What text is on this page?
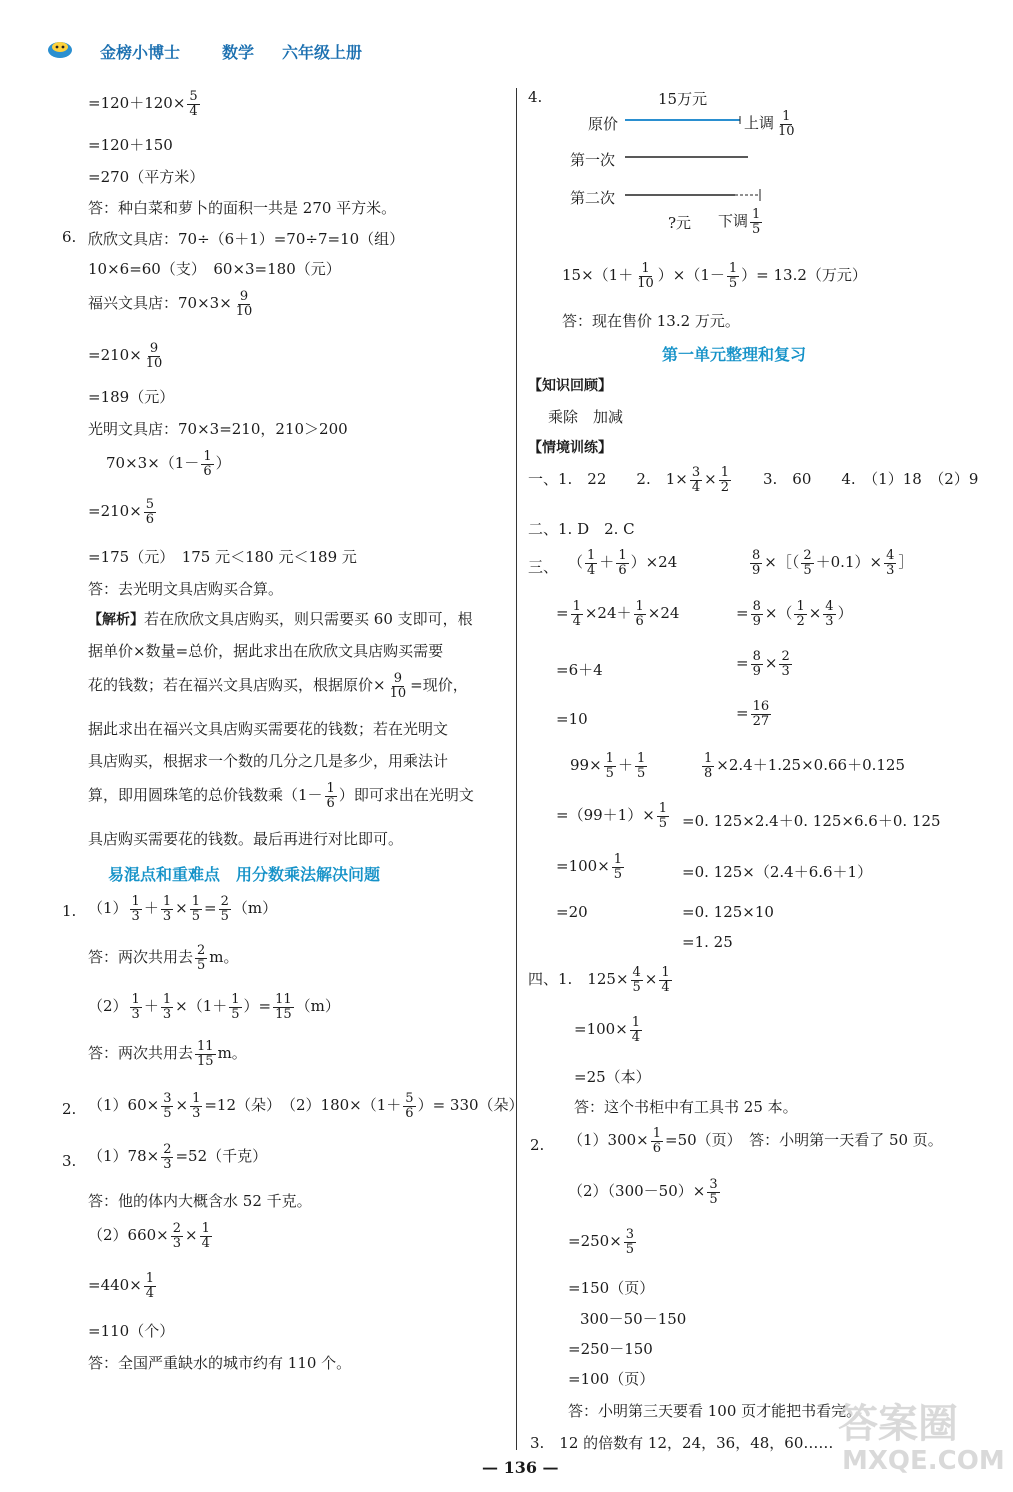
金榜小博士	数学 六年级上册
$=120+120\times \frac{5}{4}$
=120＋150
=270（平方米）
答：种白菜和萝卜的面积一共是 270 平方米。
6. 欣欣文具店：70÷（6＋1）=70÷7=10（组）
10×6=60（支）　60×3=180（元）
福兴文具店：$70\times 3\times \frac{9}{10}$
$=210\times \frac{9}{10}$
=189（元）
光明文具店：70×3=210，210＞200
$70\times 3\times(1- \frac{1}{6}$ ）
$=210\times \frac{5}{6}$
=175（元）　175 元＜180 元＜189 元
答：去光明文具店购买合算。
【解析】若在欣欣文具店购买，则只需要买 60 支即可，根
据单价×数量=总价，据此求出在欣欣文具店购买需要
花的钱数；若在福兴文具店购买，根据原价× $\frac{9}{10}$ =现价，
据此求出在福兴文具店购买需要花的钱数；若在光明文
具店购买，根据求一个数的几分之几是多少，用乘法计
算，即用圆珠笔的总价钱数乘（$1- \frac{1}{6}$ ）即可求出在光明文
具店购买需要花的钱数。最后再进行对比即可。
易混点和重难点　用分数乘法解决问题
1. $(1) \frac{1}{3} + \frac{1}{3} \times \frac{1}{5} = \frac{2}{5} (m)$
答：两次共用去 $\frac{2}{5}$ m。
$(2) \frac{1}{3} + \frac{1}{3} \times(1+ \frac{1}{5}$ ）= $\frac{11}{15} (m)$
答：两次共用去 $\frac{11}{15}$ m。
2. $(1)60\times \frac{3}{5} \times \frac{1}{3} =12$（朵）　$(2)180\times(1+ \frac{5}{6}$ ）= 330（朵）
3. $(1)78\times \frac{2}{3} =52$（千克）
答：他的体内大概含水 52 千克。
$(2)660\times \frac{2}{3} \times \frac{1}{4}$
$=440\times \frac{1}{4}$
=110（个）
答：全国严重缺水的城市约有 110 个。
4.	15万元
原价	上调 $\frac{1}{10}$
第一次
第二次
?元 下调 $\frac{1}{5}$
$15\times(1+ \frac{1}{10} )\times(1- \frac{1}{5}$ ）= 13.2（万元）
答：现在售价 13.2 万元。
第一单元整理和复习
【知识回顾】
乘除　加减
【情境训练】
一、1.　22　　2.　$1\times \frac{3}{4} \times \frac{1}{2}$ 　　3.　60　　4.　（1）18　（2）9
二、1. D　2. C
三、 （ $\frac{1}{4} + \frac{1}{6} )\times 24$
= $\frac{1}{4} \times 24+ \frac{1}{6} \times 24$
=6＋4
=10
$\frac{8}{9}$ ×［（ $\frac{2}{5} +0.1)\times \frac{4}{3}$ ］
= $\frac{8}{9}$ ×（ $\frac{1}{2} \times \frac{4}{3}$ ）
= $\frac{8}{9} \times \frac{2}{3}$
= $\frac{16}{27}$
$99\times \frac{1}{5} + \frac{1}{5}$
$=(99+1)\times \frac{1}{5}$
$=100\times \frac{1}{5}$
=20
$\frac{1}{8} \times 2.4+1.25\times 0.66+0.125$
=0. 125×2.4＋0. 125×6.6＋0. 125
=0. 125×（2.4＋6.6＋1）
=0. 125×10
=1. 25
四、1.　$125\times \frac{4}{5} \times \frac{1}{4}$
$=100\times \frac{1}{4}$
=25（本）
答：这个书柜中有工具书 25 本。
2. $(1)300\times \frac{1}{6} =50$（页）　答：小明第一天看了 50 页。
$(2)(300-50)\times \frac{3}{5}$
$=250\times \frac{3}{5}$
=150（页）
300－50－150
=250－150
=100（页）
答：小明第三天要看 100 页才能把书看完。
3.　12 的倍数有 12，24，36，48，60……
— 136 —
答案圈
MXQE.COM
